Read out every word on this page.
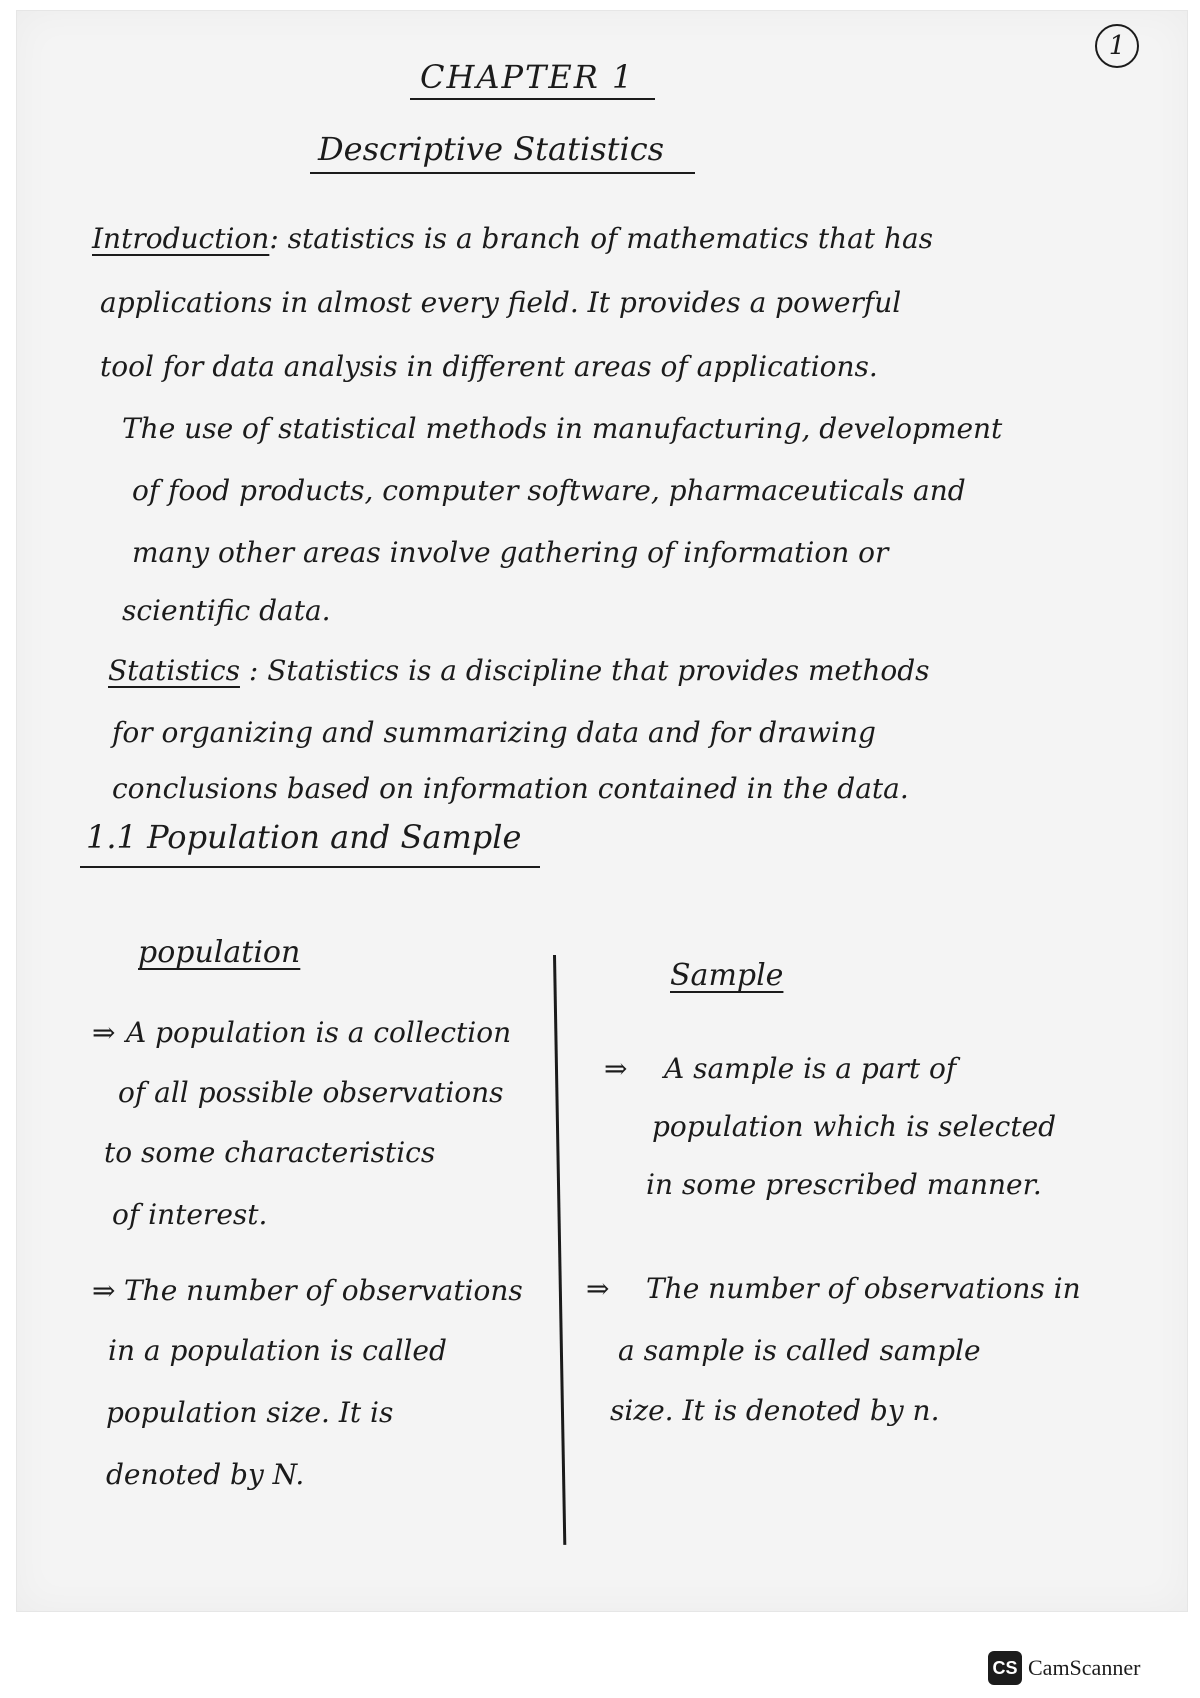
1
CHAPTER 1
Descriptive Statistics
Introduction: statistics is a branch of mathematics that has
applications in almost every field. It provides a powerful
tool for data analysis in different areas of applications.
The use of statistical methods in manufacturing, development
of food products, computer software, pharmaceuticals and
many other areas involve gathering of information or
scientific data.
Statistics : Statistics is a discipline that provides methods
for organizing and summarizing data and for drawing
conclusions based on information contained in the data.
1.1 Population and Sample
population
⇒ A population is a collection
of all possible observations
to some characteristics
of interest.
⇒ The number of observations
in a population is called
population size. It is
denoted by N.
Sample
⇒ A sample is a part of
population which is selected
in some prescribed manner.
⇒ The number of observations in
a sample is called sample
size. It is denoted by n.
CS CamScanner
